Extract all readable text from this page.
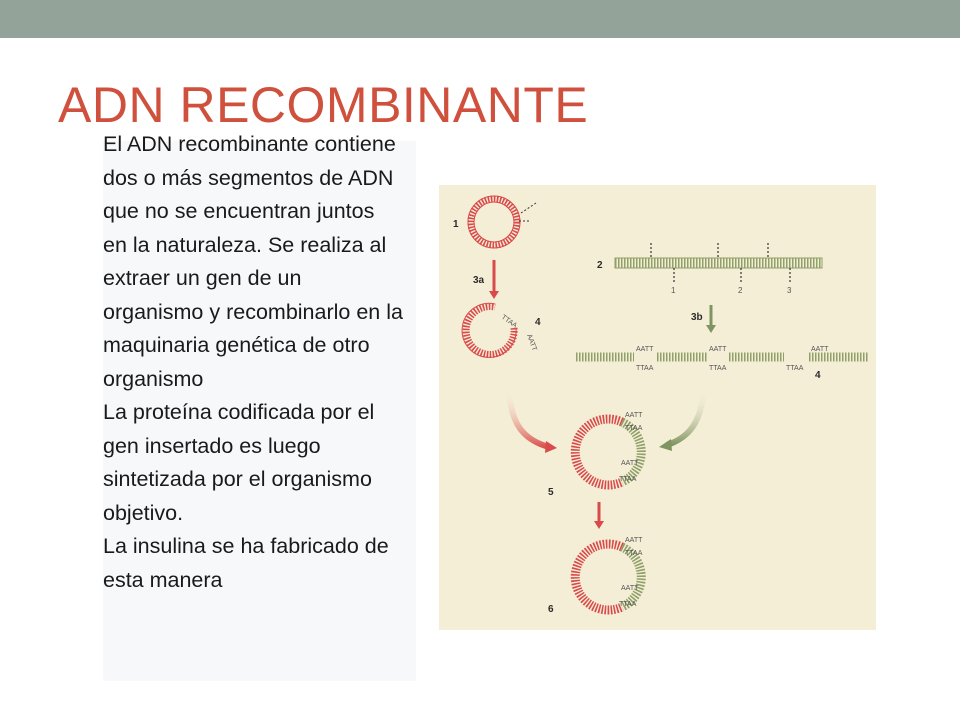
ADN RECOMBINANTE

El ADN recombinante contiene dos o más segmentos de ADN que no se encuentran juntos en la naturaleza. Se realiza al extraer un gen de un organismo y recombinarlo en la maquinaria genética de otro organismo

La proteína codificada por el gen insertado es luego sintetizada por el organismo objetivo.

La insulina se ha fabricado de esta manera

1
3a
TTAA
AATT
4
2
1	2	3
3b
AATT
TTAA
AATT
TTAA	TTAA
AATT
4
AATT
TTAA
AATT
TTAA
5
AATT
TTAA
AATT
TTAA
6
